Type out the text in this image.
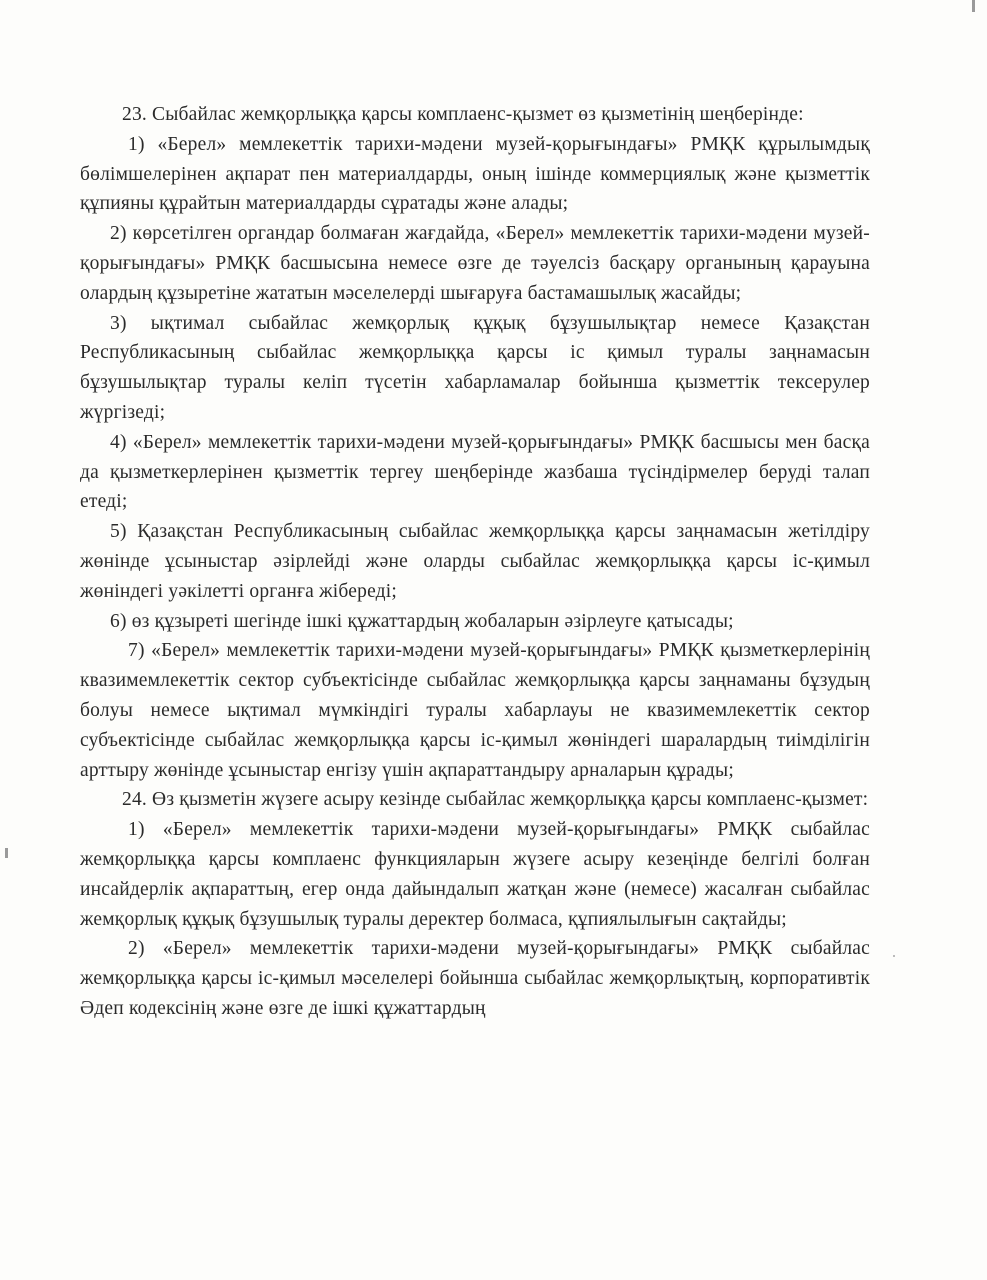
23. Сыбайлас жемқорлыққа қарсы комплаенс-қызмет өз қызметінің шеңберінде:

1) «Берел» мемлекеттік тарихи-мәдени музей-қорығындағы» РМҚК құрылымдық бөлімшелерінен ақпарат пен материалдарды, оның ішінде коммерциялық және қызметтік құпияны құрайтын материалдарды сұратады және алады;

2) көрсетілген органдар болмаған жағдайда, «Берел» мемлекеттік тарихи-мәдени музей-қорығындағы» РМҚК басшысына немесе өзге де тәуелсіз басқару органының қарауына олардың құзыретіне жататын мәселелерді шығаруға бастамашылық жасайды;

3) ықтимал сыбайлас жемқорлық құқық бұзушылықтар немесе Қазақстан Республикасының сыбайлас жемқорлыққа қарсы іс қимыл туралы заңнамасын бұзушылықтар туралы келіп түсетін хабарламалар бойынша қызметтік тексерулер жүргізеді;

4) «Берел» мемлекеттік тарихи-мәдени музей-қорығындағы» РМҚК басшысы мен басқа да қызметкерлерінен қызметтік тергеу шеңберінде жазбаша түсіндірмелер беруді талап етеді;

5) Қазақстан Республикасының сыбайлас жемқорлыққа қарсы заңнамасын жетілдіру жөнінде ұсыныстар әзірлейді және оларды сыбайлас жемқорлыққа қарсы іс-қимыл жөніндегі уәкілетті органға жібереді;

6) өз құзыреті шегінде ішкі құжаттардың жобаларын әзірлеуге қатысады;

7) «Берел» мемлекеттік тарихи-мәдени музей-қорығындағы» РМҚК қызметкерлерінің квазимемлекеттік сектор субъектісінде сыбайлас жемқорлыққа қарсы заңнаманы бұзудың болуы немесе ықтимал мүмкіндігі туралы хабарлауы не квазимемлекеттік сектор субъектісінде сыбайлас жемқорлыққа қарсы іс-қимыл жөніндегі шаралардың тиімділігін арттыру жөнінде ұсыныстар енгізу үшін ақпараттандыру арналарын құрады;

24. Өз қызметін жүзеге асыру кезінде сыбайлас жемқорлыққа қарсы комплаенс-қызмет:

1) «Берел» мемлекеттік тарихи-мәдени музей-қорығындағы» РМҚК сыбайлас жемқорлыққа қарсы комплаенс функцияларын жүзеге асыру кезеңінде белгілі болған инсайдерлік ақпараттың, егер онда дайындалып жатқан және (немесе) жасалған сыбайлас жемқорлық құқық бұзушылық туралы деректер болмаса, құпиялылығын сақтайды;

2) «Берел» мемлекеттік тарихи-мәдени музей-қорығындағы» РМҚК сыбайлас жемқорлыққа қарсы іс-қимыл мәселелері бойынша сыбайлас жемқорлықтың, корпоративтік Әдеп кодексінің және өзге де ішкі құжаттардың
